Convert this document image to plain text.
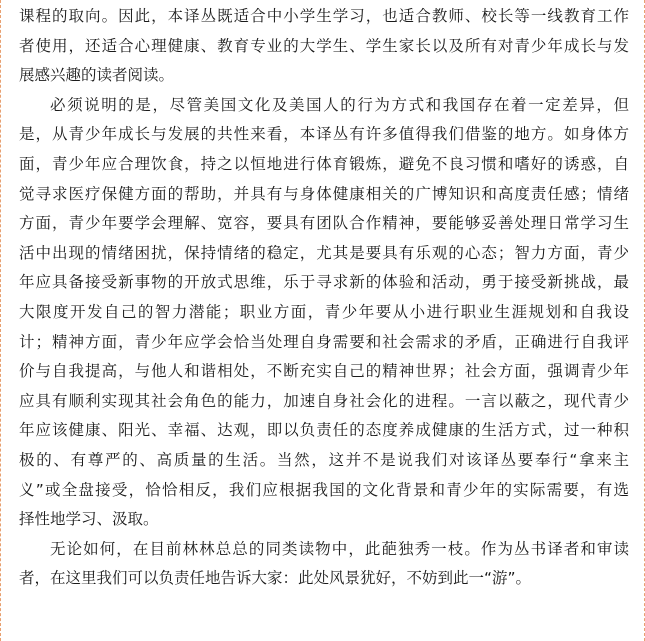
课程的取向。因此，本译丛既适合中小学生学习，也适合教师、校长等一线教育工作
者使用，还适合心理健康、教育专业的大学生、学生家长以及所有对青少年成长与发
展感兴趣的读者阅读。
必须说明的是，尽管美国文化及美国人的行为方式和我国存在着一定差异，但
是，从青少年成长与发展的共性来看，本译丛有许多值得我们借鉴的地方。如身体方
面，青少年应合理饮食，持之以恒地进行体育锻炼，避免不良习惯和嗜好的诱惑，自
觉寻求医疗保健方面的帮助，并具有与身体健康相关的广博知识和高度责任感；情绪
方面，青少年要学会理解、宽容，要具有团队合作精神，要能够妥善处理日常学习生
活中出现的情绪困扰，保持情绪的稳定，尤其是要具有乐观的心态；智力方面，青少
年应具备接受新事物的开放式思维，乐于寻求新的体验和活动，勇于接受新挑战，最
大限度开发自己的智力潜能；职业方面，青少年要从小进行职业生涯规划和自我设
计；精神方面，青少年应学会恰当处理自身需要和社会需求的矛盾，正确进行自我评
价与自我提高，与他人和谐相处，不断充实自己的精神世界；社会方面，强调青少年
应具有顺利实现其社会角色的能力，加速自身社会化的进程。一言以蔽之，现代青少
年应该健康、阳光、幸福、达观，即以负责任的态度养成健康的生活方式，过一种积
极的、有尊严的、高质量的生活。当然，这并不是说我们对该译丛要奉行“拿来主
义”或全盘接受，恰恰相反，我们应根据我国的文化背景和青少年的实际需要，有选
择性地学习、汲取。
无论如何，在目前林林总总的同类读物中，此葩独秀一枝。作为丛书译者和审读
者，在这里我们可以负责任地告诉大家：此处风景犹好，不妨到此一“游”。
